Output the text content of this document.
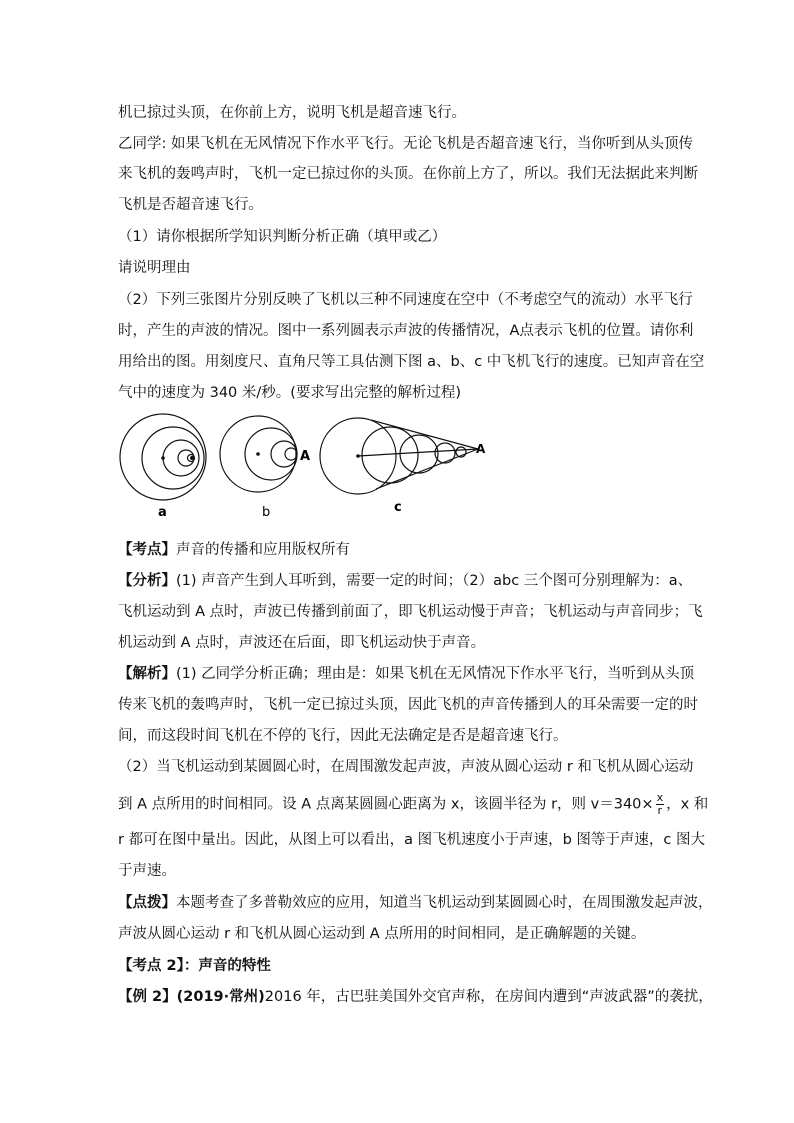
机已掠过头顶，在你前上方，说明飞机是超音速飞行。
乙同学: 如果飞机在无风情况下作水平飞行。无论飞机是否超音速飞行，当你听到从头顶传
来飞机的轰鸣声时，飞机一定已掠过你的头顶。在你前上方了，所以。我们无法据此来判断
飞机是否超音速飞行。
（1）请你根据所学知识判断分析正确（填甲或乙）
请说明理由
（2）下列三张图片分别反映了飞机以三种不同速度在空中（不考虑空气的流动）水平飞行
时，产生的声波的情况。图中一系列圆表示声波的传播情况，A点表示飞机的位置。请你利
用给出的图。用刻度尺、直角尺等工具估测下图 a、b、c 中飞机飞行的速度。已知声音在空
气中的速度为 340 米/秒。(要求写出完整的解析过程)
A	A
a	b	c
【考点】声音的传播和应用版权所有
【分析】(1) 声音产生到人耳听到，需要一定的时间；（2）abc 三个图可分别理解为：a、
飞机运动到 A 点时，声波已传播到前面了，即飞机运动慢于声音；飞机运动与声音同步；飞
机运动到 A 点时，声波还在后面，即飞机运动快于声音。
【解析】(1) 乙同学分析正确；理由是：如果飞机在无风情况下作水平飞行，当听到从头顶
传来飞机的轰鸣声时，飞机一定已掠过头顶，因此飞机的声音传播到人的耳朵需要一定的时
间，而这段时间飞机在不停的飞行，因此无法确定是否是超音速飞行。
（2）当飞机运动到某圆圆心时，在周围激发起声波，声波从圆心运动 r 和飞机从圆心运动
到 A 点所用的时间相同。设 A 点离某圆圆心距离为 x，该圆半径为 r，则 $v=340\times \frac{x}{r}$ ，x 和
r 都可在图中量出。因此，从图上可以看出，a 图飞机速度小于声速，b 图等于声速，c 图大
于声速。
【点拨】本题考查了多普勒效应的应用，知道当飞机运动到某圆圆心时，在周围激发起声波，
声波从圆心运动 r 和飞机从圆心运动到 A 点所用的时间相同，是正确解题的关键。
【考点 2】：声音的特性
【例 2】(2019·常州)2016 年，古巴驻美国外交官声称，在房间内遭到“声波武器”的袭扰，
